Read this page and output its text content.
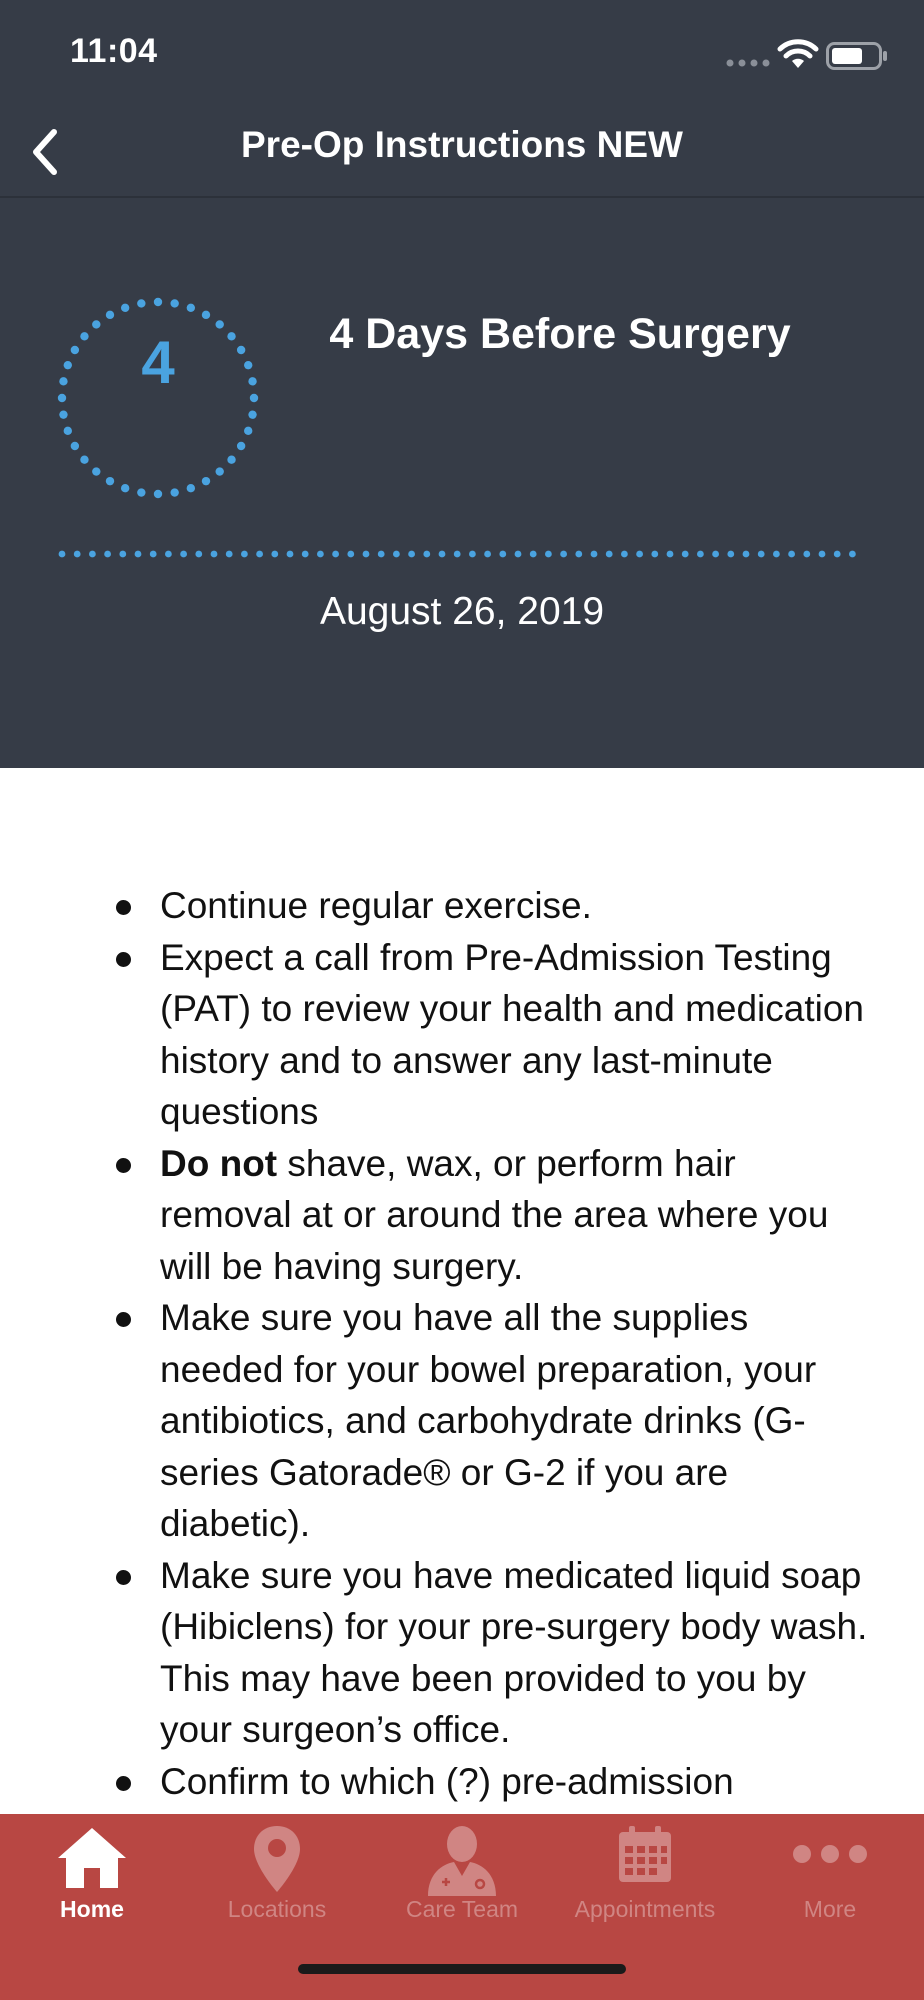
11:04
Pre-Op Instructions NEW
4	4 Days Before Surgery
August 26, 2019
Continue regular exercise.
Expect a call from Pre-Admission Testing (PAT) to review your health and medication history and to answer any last-minute questions
Do not shave, wax, or perform hair removal at or around the area where you will be having surgery.
Make sure you have all the supplies needed for your bowel preparation, your antibiotics, and carbohydrate drinks (G-series Gatorade® or G-2 if you are diabetic).
Make sure you have medicated liquid soap (Hibiclens) for your pre-surgery body wash. This may have been provided to you by your surgeon’s office.
Confirm to which (?) pre-admission
Home	Locations	Care Team	Appointments	More
